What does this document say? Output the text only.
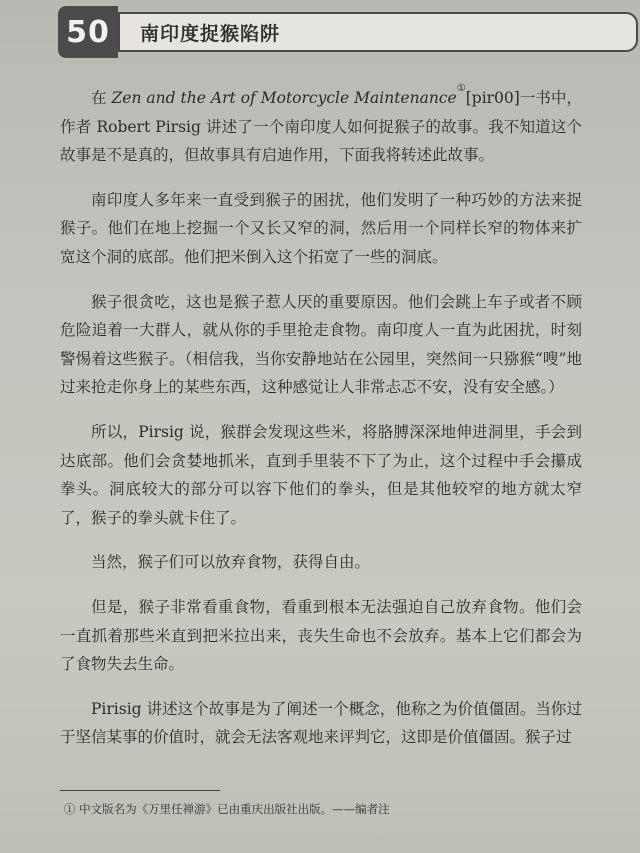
50 南印度捉猴陷阱

在 Zen and the Art of Motorcycle Maintenance①[pir00]一书中，作者 Robert Pirsig 讲述了一个南印度人如何捉猴子的故事。我不知道这个故事是不是真的，但故事具有启迪作用，下面我将转述此故事。

南印度人多年来一直受到猴子的困扰，他们发明了一种巧妙的方法来捉猴子。他们在地上挖掘一个又长又窄的洞，然后用一个同样长窄的物体来扩宽这个洞的底部。他们把米倒入这个拓宽了一些的洞底。

猴子很贪吃，这也是猴子惹人厌的重要原因。他们会跳上车子或者不顾危险追着一大群人，就从你的手里抢走食物。南印度人一直为此困扰，时刻警惕着这些猴子。（相信我，当你安静地站在公园里，突然间一只猕猴“嗖”地过来抢走你身上的某些东西，这种感觉让人非常忐忑不安，没有安全感。）

所以，Pirsig 说，猴群会发现这些米，将胳膊深深地伸进洞里，手会到达底部。他们会贪婪地抓米，直到手里装不下了为止，这个过程中手会攥成拳头。洞底较大的部分可以容下他们的拳头，但是其他较窄的地方就太窄了，猴子的拳头就卡住了。

当然，猴子们可以放弃食物，获得自由。

但是，猴子非常看重食物，看重到根本无法强迫自己放弃食物。他们会一直抓着那些米直到把米拉出来，丧失生命也不会放弃。基本上它们都会为了食物失去生命。

Pirisig 讲述这个故事是为了阐述一个概念，他称之为价值僵固。当你过于坚信某事的价值时，就会无法客观地来评判它，这即是价值僵固。猴子过

① 中文版名为《万里任禅游》已由重庆出版社出版。——编者注
